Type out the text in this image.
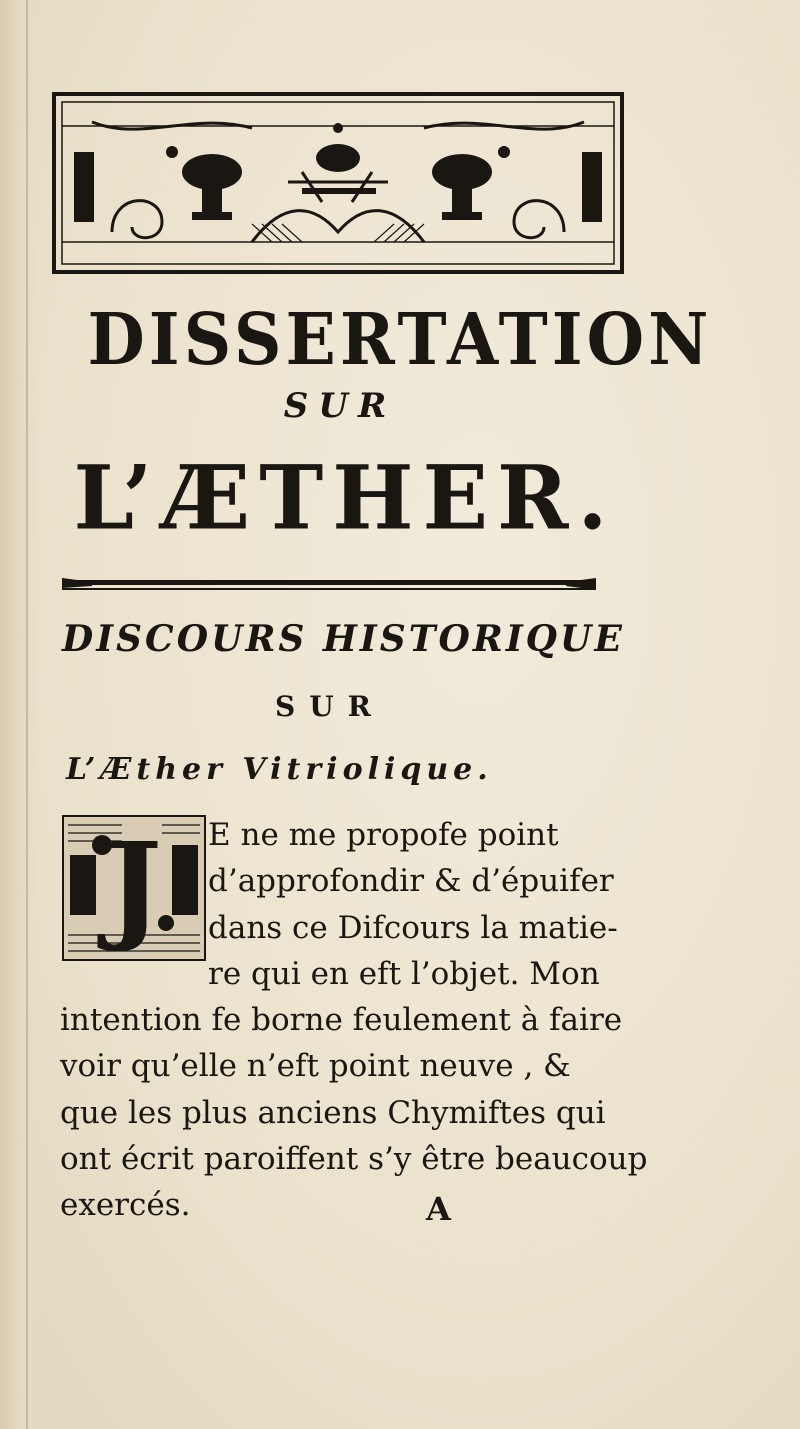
DISSERTATION
SUR
L’ÆTHER.
DISCOURS HISTORIQUE
SUR
L’Æther Vitriolique.
J	E ne me propofe point
d’approfondir & d’épuifer
dans ce Difcours la matie-
re qui en eft l’objet. Mon
intention fe borne feulement à faire
voir qu’elle n’eft point neuve , &
que les plus anciens Chymiftes qui
ont écrit paroiffent s’y être beaucoup
exercés.	A
